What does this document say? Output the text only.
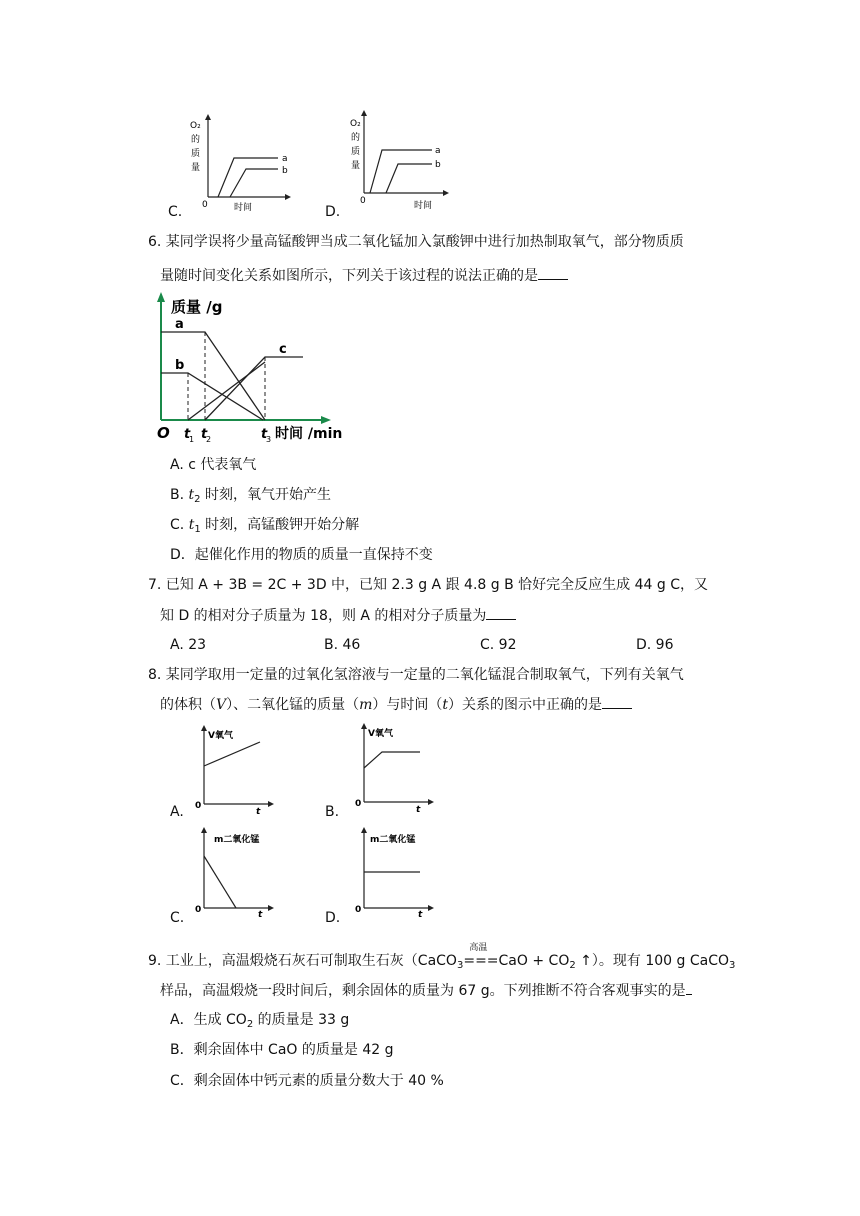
O₂
的
质
量
a
b
0	时间
C.
O₂
的
质
量
a
b
0	时间
D.
6. 某同学误将少量高锰酸钾当成二氧化锰加入氯酸钾中进行加热制取氧气，部分物质质
量随时间变化关系如图所示，下列关于该过程的说法正确的是
质量 /g
a
b
c
O t
1 t
2	t
3 时间 /min
A. c 代表氧气
B. $t_2$ 时刻，氧气开始产生
C. $t_1$ 时刻，高锰酸钾开始分解
D．起催化作用的物质的质量一直保持不变
7. 已知 A + 3B = 2C + 3D 中，已知 2.3 g A 跟 4.8 g B 恰好完全反应生成 44 g C，又
知 D 的相对分子质量为 18，则 A 的相对分子质量为
A. 23	B. 46	C. 92	D. 96
8. 某同学取用一定量的过氧化氢溶液与一定量的二氧化锰混合制取氧气，下列有关氧气
的体积（V）、二氧化锰的质量（m）与时间（t）关系的图示中正确的是
V氧气
0
t
A.
V氧气
0
t
B.
m二氧化锰
0	t
C.
m二氧化锰
0	t
D.
9. 工业上，高温煅烧石灰石可制取生石灰（CaCO$_3$
高温
$===CaO + CO_2$ ↑）。现有 100 g CaCO$_3$
样品，高温煅烧一段时间后，剩余固体的质量为 67 g。下列推断不符合客观事实的是
A．生成 $CO_2$ 的质量是 33 g
B．剩余固体中 CaO 的质量是 42 g
C．剩余固体中钙元素的质量分数大于 40 %
